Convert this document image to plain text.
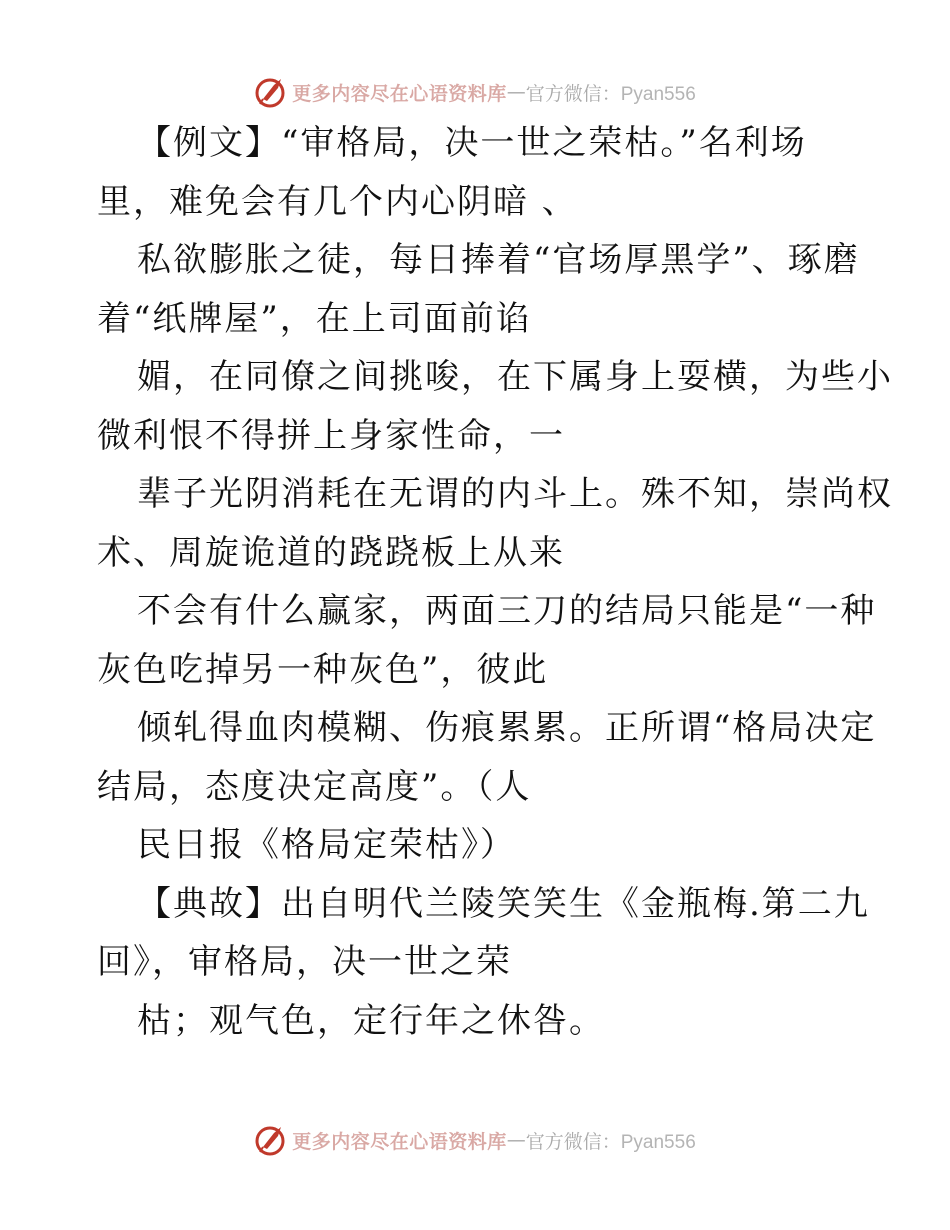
更多内容尽在心语资料库 — 官方微信：Pyan556
【例文】“审格局，决一世之荣枯。”名利场
里，难免会有几个内心阴暗 、
私欲膨胀之徒，每日捧着“官场厚黑学”、琢磨
着“纸牌屋”，在上司面前谄
媚，在同僚之间挑唆，在下属身上耍横，为些小
微利恨不得拼上身家性命，一
辈子光阴消耗在无谓的内斗上。殊不知，崇尚权
术、周旋诡道的跷跷板上从来
不会有什么赢家，两面三刀的结局只能是“一种
灰色吃掉另一种灰色”，彼此
倾轧得血肉模糊、伤痕累累。正所谓“格局决定
结局，态度决定高度”。（人
民日报《格局定荣枯》）
【典故】出自明代兰陵笑笑生《金瓶梅.第二九
回》，审格局，决一世之荣
枯；观气色，定行年之休咎。
更多内容尽在心语资料库 — 官方微信：Pyan556
